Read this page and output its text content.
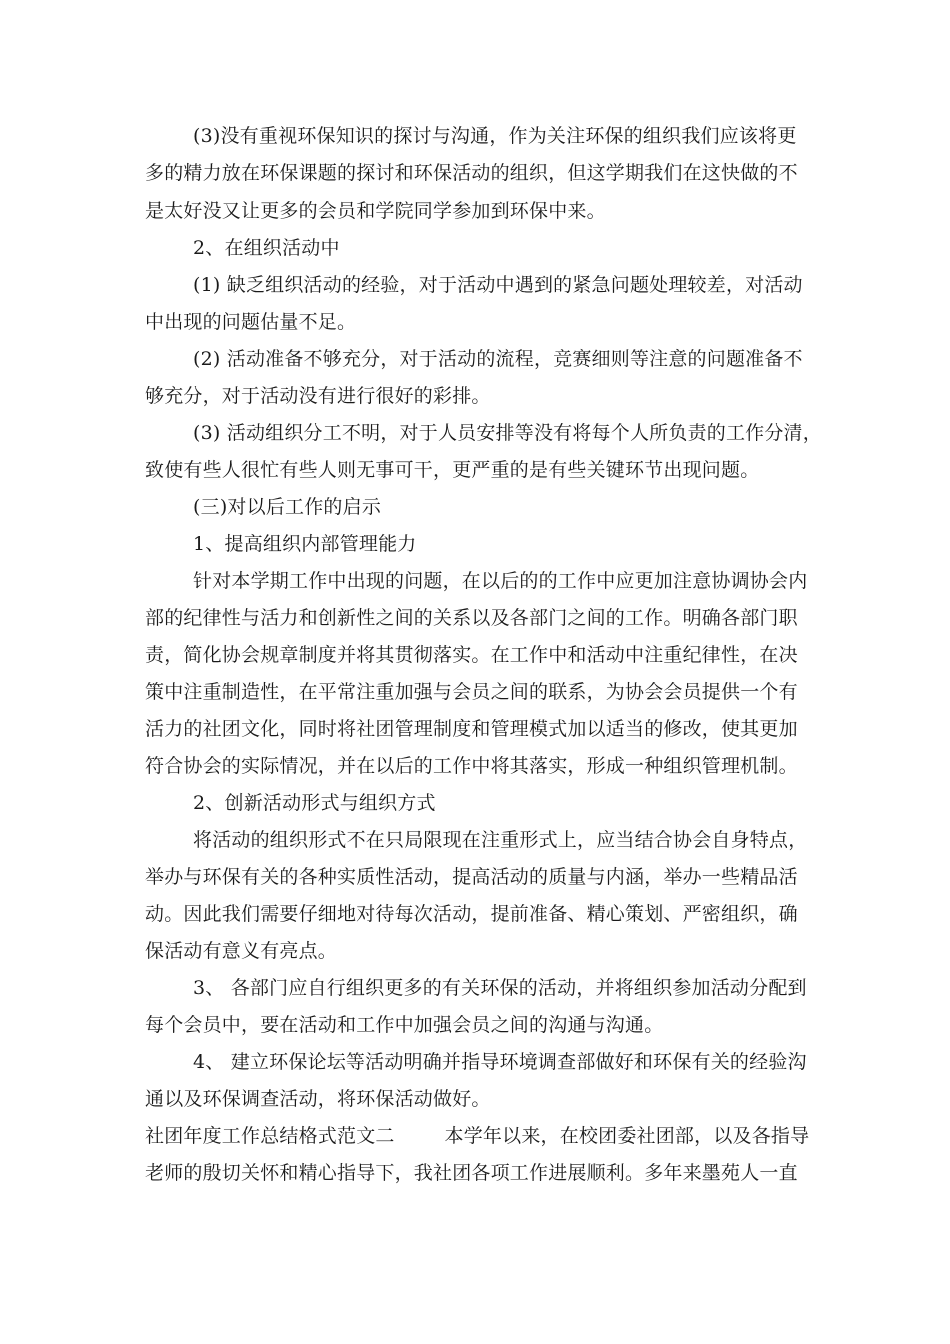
(3)没有重视环保知识的探讨与沟通，作为关注环保的组织我们应该将更
多的精力放在环保课题的探讨和环保活动的组织，但这学期我们在这快做的不
是太好没又让更多的会员和学院同学参加到环保中来。
2、在组织活动中
(1) 缺乏组织活动的经验，对于活动中遇到的紧急问题处理较差，对活动
中出现的问题估量不足。
(2) 活动准备不够充分，对于活动的流程，竞赛细则等注意的问题准备不
够充分，对于活动没有进行很好的彩排。
(3) 活动组织分工不明，对于人员安排等没有将每个人所负责的工作分清，
致使有些人很忙有些人则无事可干，更严重的是有些关键环节出现问题。
(三)对以后工作的启示
1、提高组织内部管理能力
针对本学期工作中出现的问题，在以后的的工作中应更加注意协调协会内
部的纪律性与活力和创新性之间的关系以及各部门之间的工作。明确各部门职
责，简化协会规章制度并将其贯彻落实。在工作中和活动中注重纪律性，在决
策中注重制造性，在平常注重加强与会员之间的联系，为协会会员提供一个有
活力的社团文化，同时将社团管理制度和管理模式加以适当的修改，使其更加
符合协会的实际情况，并在以后的工作中将其落实，形成一种组织管理机制。
2、创新活动形式与组织方式
将活动的组织形式不在只局限现在注重形式上，应当结合协会自身特点，
举办与环保有关的各种实质性活动，提高活动的质量与内涵，举办一些精品活
动。因此我们需要仔细地对待每次活动，提前准备、精心策划、严密组织，确
保活动有意义有亮点。
3、 各部门应自行组织更多的有关环保的活动，并将组织参加活动分配到
每个会员中，要在活动和工作中加强会员之间的沟通与沟通。
4、 建立环保论坛等活动明确并指导环境调查部做好和环保有关的经验沟
通以及环保调查活动，将环保活动做好。
社团年度工作总结格式范文二        本学年以来，在校团委社团部，以及各指导
老师的殷切关怀和精心指导下，我社团各项工作进展顺利。多年来墨苑人一直
